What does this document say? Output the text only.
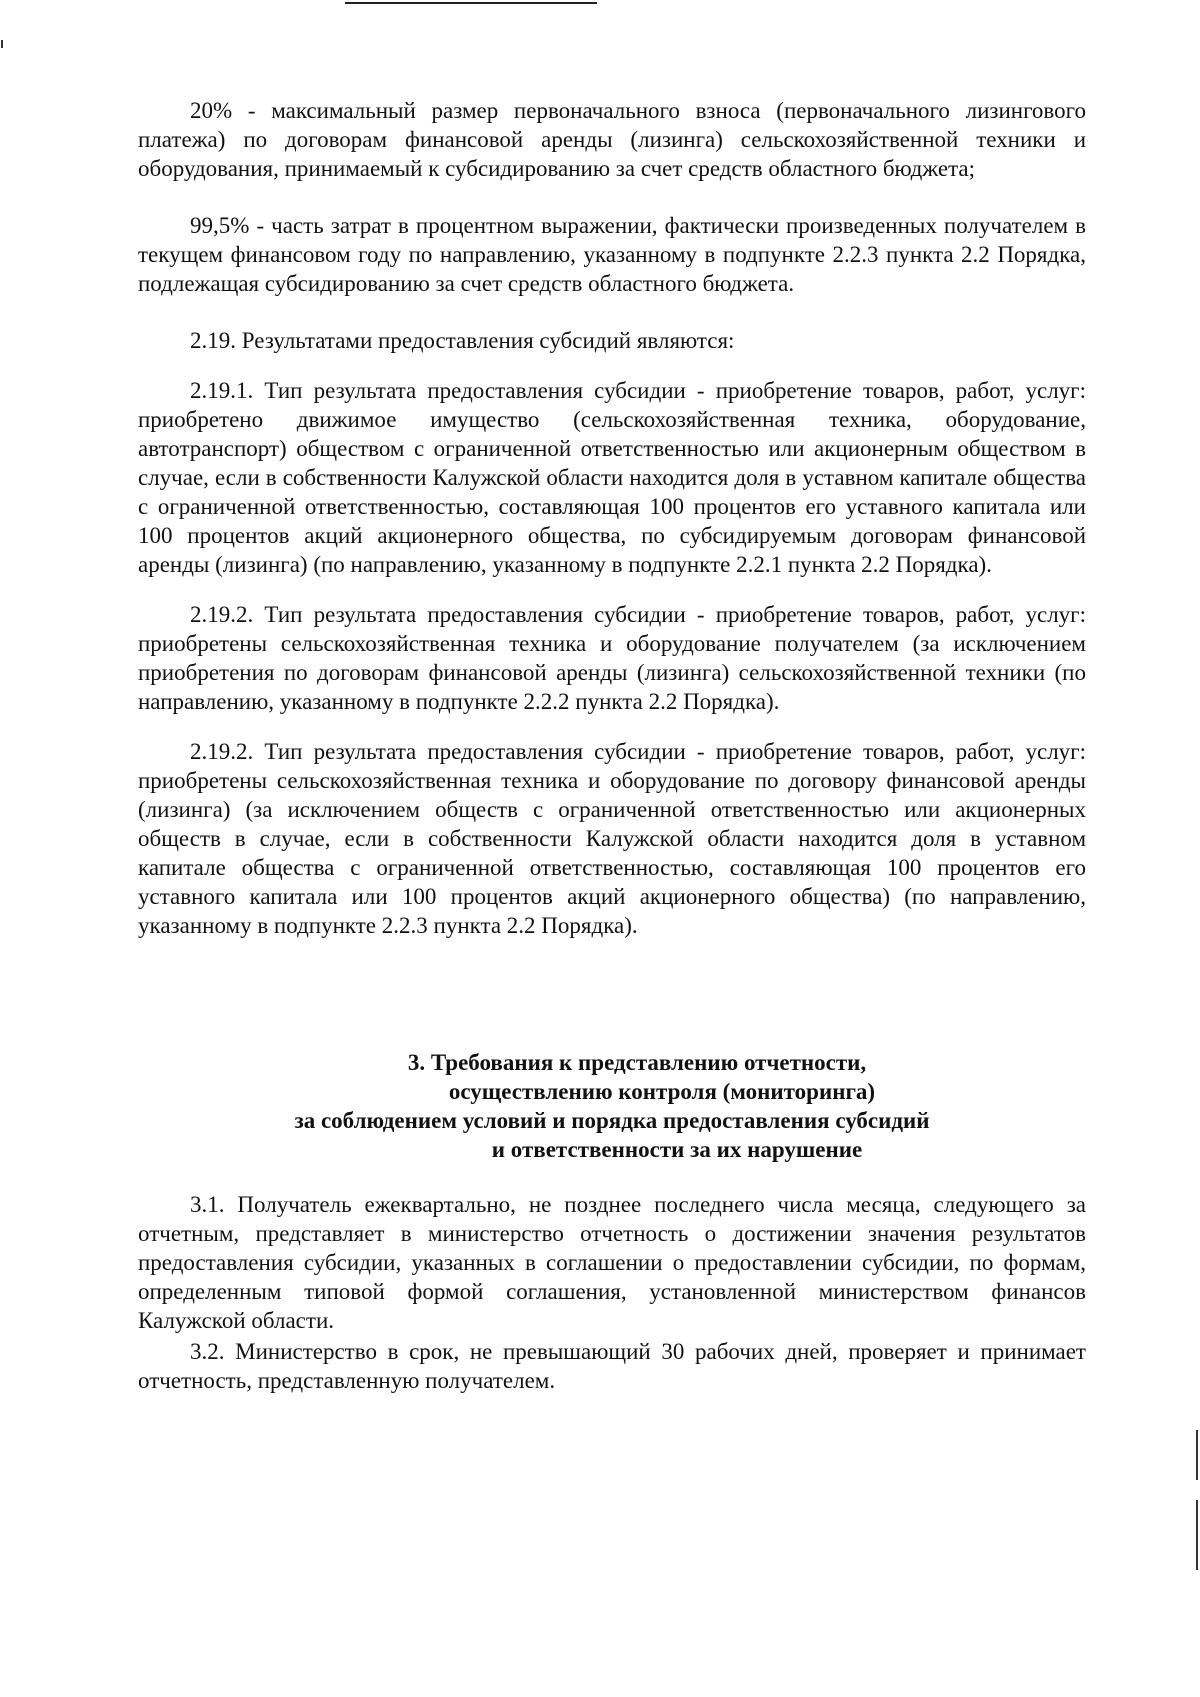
20% - максимальный размер первоначального взноса (первоначального лизингового платежа) по договорам финансовой аренды (лизинга) сельскохозяйственной техники и оборудования, принимаемый к субсидированию за счет средств областного бюджета;

99,5% - часть затрат в процентном выражении, фактически произведенных получателем в текущем финансовом году по направлению, указанному в подпункте 2.2.3 пункта 2.2 Порядка, подлежащая субсидированию за счет средств областного бюджета.

2.19. Результатами предоставления субсидий являются:

2.19.1. Тип результата предоставления субсидии - приобретение товаров, работ, услуг: приобретено движимое имущество (сельскохозяйственная техника, оборудование, автотранспорт) обществом с ограниченной ответственностью или акционерным обществом в случае, если в собственности Калужской области находится доля в уставном капитале общества с ограниченной ответственностью, составляющая 100 процентов его уставного капитала или 100 процентов акций акционерного общества, по субсидируемым договорам финансовой аренды (лизинга) (по направлению, указанному в подпункте 2.2.1 пункта 2.2 Порядка).

2.19.2. Тип результата предоставления субсидии - приобретение товаров, работ, услуг: приобретены сельскохозяйственная техника и оборудование получателем (за исключением приобретения по договорам финансовой аренды (лизинга) сельскохозяйственной техники (по направлению, указанному в подпункте 2.2.2 пункта 2.2 Порядка).

2.19.2. Тип результата предоставления субсидии - приобретение товаров, работ, услуг: приобретены сельскохозяйственная техника и оборудование по договору финансовой аренды (лизинга) (за исключением обществ с ограниченной ответственностью или акционерных обществ в случае, если в собственности Калужской области находится доля в уставном капитале общества с ограниченной ответственностью, составляющая 100 процентов его уставного капитала или 100 процентов акций акционерного общества) (по направлению, указанному в подпункте 2.2.3 пункта 2.2 Порядка).

3. Требования к представлению отчетности,
осуществлению контроля (мониторинга)
за соблюдением условий и порядка предоставления субсидий
и ответственности за их нарушение

3.1. Получатель ежеквартально, не позднее последнего числа месяца, следующего за отчетным, представляет в министерство отчетность о достижении значения результатов предоставления субсидии, указанных в соглашении о предоставлении субсидии, по формам, определенным типовой формой соглашения, установленной министерством финансов Калужской области.

3.2. Министерство в срок, не превышающий 30 рабочих дней, проверяет и принимает отчетность, представленную получателем.
